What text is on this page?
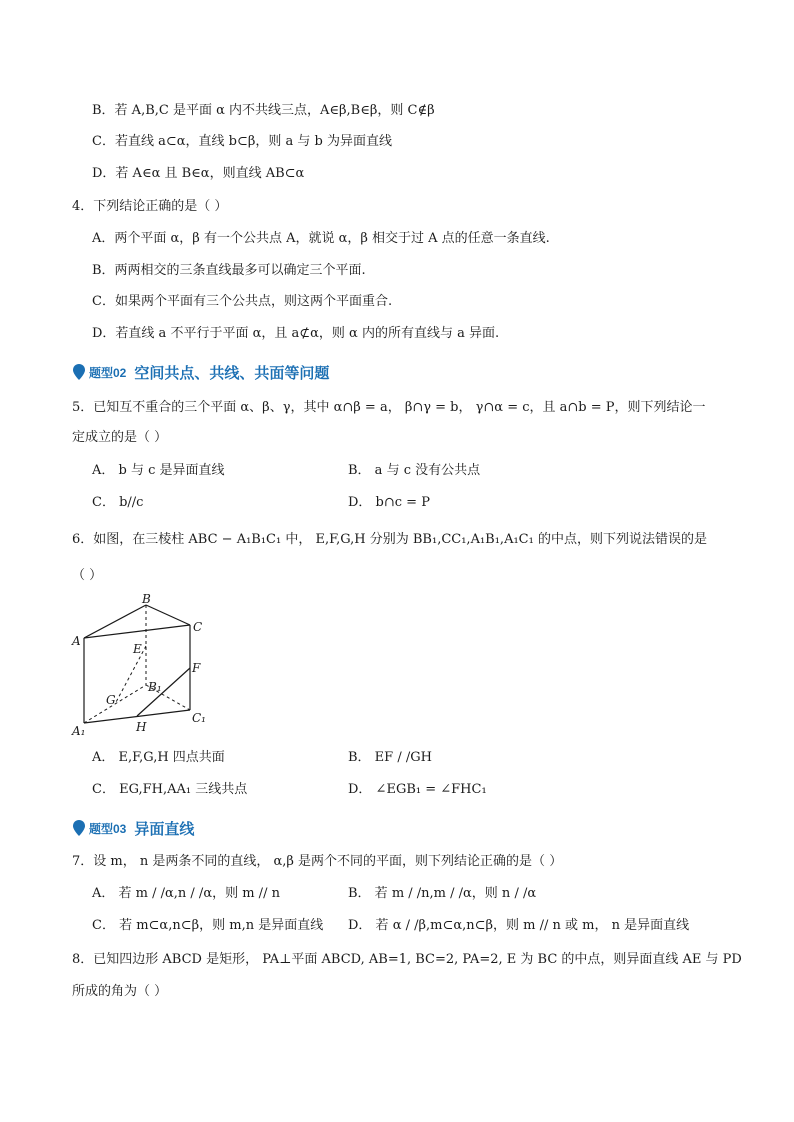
B．若 A,B,C 是平面 α 内不共线三点，A∈β,B∈β，则 C∉β
C．若直线 a⊂α，直线 b⊂β，则 a 与 b 为异面直线
D．若 A∈α 且 B∈α，则直线 AB⊂α
4．下列结论正确的是（ ）
A．两个平面 α，β 有一个公共点 A，就说 α，β 相交于过 A 点的任意一条直线.
B．两两相交的三条直线最多可以确定三个平面.
C．如果两个平面有三个公共点，则这两个平面重合.
D．若直线 a 不平行于平面 α，且 a⊄α，则 α 内的所有直线与 a 异面.
题型02 空间共点、共线、共面等问题
5．已知互不重合的三个平面 α、β、γ，其中 α∩β = a， β∩γ = b， γ∩α = c，且 a∩b = P，则下列结论一
定成立的是（ ）
A． b 与 c 是异面直线	B． a 与 c 没有公共点
C． b//c	D． b∩c = P
6．如图，在三棱柱 ABC − A₁B₁C₁ 中， E,F,G,H 分别为 BB₁,CC₁,A₁B₁,A₁C₁ 的中点，则下列说法错误的是
（ ）
B
C
A
E
F
B₁
G
C₁
H
A₁
A． E,F,G,H 四点共面	B． EF / /GH
C． EG,FH,AA₁ 三线共点	D． ∠EGB₁ = ∠FHC₁
题型03 异面直线
7．设 m， n 是两条不同的直线， α,β 是两个不同的平面，则下列结论正确的是（ ）
A． 若 m / /α,n / /α，则 m // n	B． 若 m / /n,m / /α，则 n / /α
C． 若 m⊂α,n⊂β，则 m,n 是异面直线 D． 若 α / /β,m⊂α,n⊂β，则 m // n 或 m， n 是异面直线
8．已知四边形 ABCD 是矩形， PA⊥平面 ABCD, AB=1, BC=2, PA=2, E 为 BC 的中点，则异面直线 AE 与 PD
所成的角为（ ）
